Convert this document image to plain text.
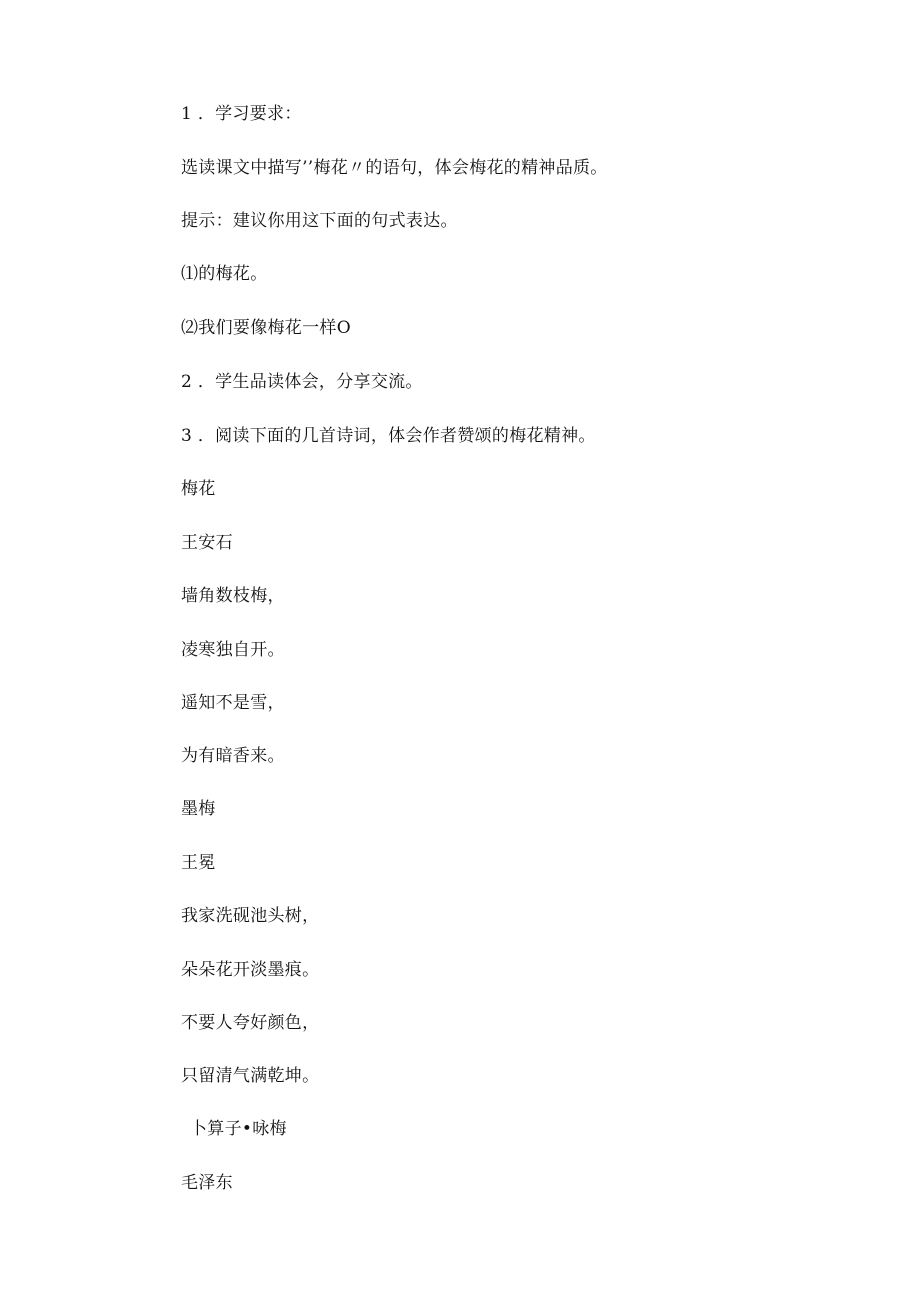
1 ．学习要求：
选读课文中描写’’梅花〃的语句，体会梅花的精神品质。
提示：建议你用这下面的句式表达。
⑴的梅花。
⑵我们要像梅花一样O
2 ．学生品读体会，分享交流。
3 ．阅读下面的几首诗词，体会作者赞颂的梅花精神。
梅花
王安石
墙角数枝梅，
凌寒独自开。
遥知不是雪，
为有暗香来。
墨梅
王冕
我家洗砚池头树，
朵朵花开淡墨痕。
不要人夸好颜色，
只留清气满乾坤。
卜算子•咏梅
毛泽东
